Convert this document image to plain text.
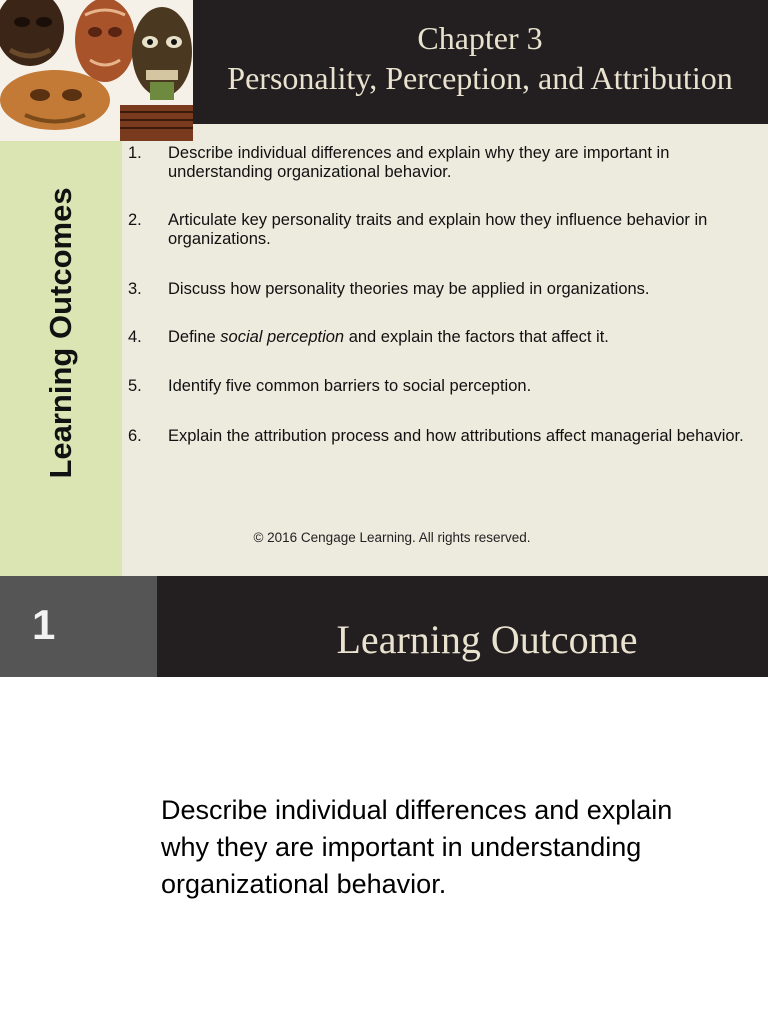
Chapter 3
Personality, Perception, and Attribution
Learning Outcomes
1.	Describe individual differences and explain why they are important in understanding organizational behavior.
2.	Articulate key personality traits and explain how they influence behavior in organizations.
3.	Discuss how personality theories may be applied in organizations.
4.	Define social perception and explain the factors that affect it.
5.	Identify five common barriers to social perception.
6.	Explain the attribution process and how attributions affect managerial behavior.
© 2016 Cengage Learning. All rights reserved.
1	Learning Outcome
Describe individual differences and explain why they are important in understanding organizational behavior.
